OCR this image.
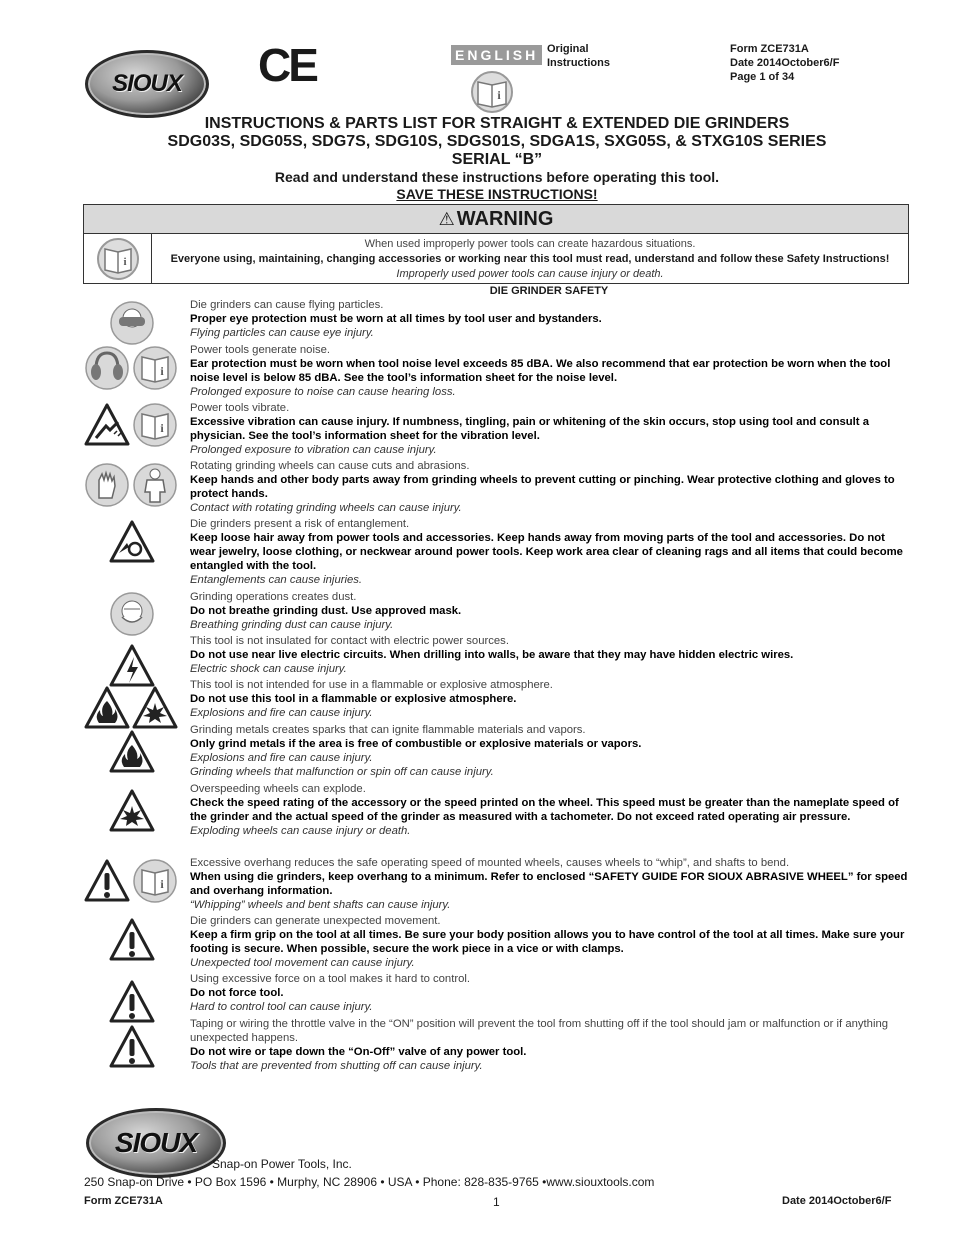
SIOUX CE	ENGLISH Original
Instructions
i
Form ZCE731A
Date 2014October6/F
Page 1 of 34
INSTRUCTIONS & PARTS LIST FOR STRAIGHT & EXTENDED DIE GRINDERS
SDG03S, SDG05S, SDG7S, SDG10S, SDGS01S, SDGA1S, SXG05S, & STXG10S SERIES
SERIAL “B”
Read and understand these instructions before operating this tool.
SAVE THESE INSTRUCTIONS!
⚠ WARNING
i
When used improperly power tools can create hazardous situations.
Everyone using, maintaining, changing accessories or working near this tool must read, understand and follow these Safety Instructions!
Improperly used power tools can cause injury or death.
DIE GRINDER SAFETY
Die grinders can cause flying particles.
Proper eye protection must be worn at all times by tool user and bystanders.
Flying particles can cause eye injury.
Power tools generate noise.
Ear protection must be worn when tool noise level exceeds 85 dBA. We also recommend that ear protection be worn when the tool noise level is below 85 dBA. See the tool’s information sheet for the noise level.
Prolonged exposure to noise can cause hearing loss.
i
Power tools vibrate.
Excessive vibration can cause injury. If numbness, tingling, pain or whitening of the skin occurs, stop using tool and consult a physician. See the tool’s information sheet for the vibration level.
Prolonged exposure to vibration can cause injury.
i
Rotating grinding wheels can cause cuts and abrasions.
Keep hands and other body parts away from grinding wheels to prevent cutting or pinching. Wear protective clothing and gloves to protect hands.
Contact with rotating grinding wheels can cause injury.
Die grinders present a risk of entanglement.
Keep loose hair away from power tools and accessories. Keep hands away from moving parts of the tool and accessories. Do not wear jewelry, loose clothing, or neckwear around power tools. Keep work area clear of cleaning rags and all items that could become entangled with the tool.
Entanglements can cause injuries.
Grinding operations creates dust.
Do not breathe grinding dust. Use approved mask.
Breathing grinding dust can cause injury.
This tool is not insulated for contact with electric power sources.
Do not use near live electric circuits. When drilling into walls, be aware that they may have hidden electric wires.
Electric shock can cause injury.
This tool is not intended for use in a flammable or explosive atmosphere.
Do not use this tool in a flammable or explosive atmosphere.
Explosions and fire can cause injury.
Grinding metals creates sparks that can ignite flammable materials and vapors.
Only grind metals if the area is free of combustible or explosive materials or vapors.
Explosions and fire can cause injury.
Grinding wheels that malfunction or spin off can cause injury.
Overspeeding wheels can explode.
Check the speed rating of the accessory or the speed printed on the wheel. This speed must be greater than the nameplate speed of the grinder and the actual speed of the grinder as measured with a tachometer. Do not exceed rated operating air pressure.
Exploding wheels can cause injury or death.
Excessive overhang reduces the safe operating speed of mounted wheels, causes wheels to “whip”, and shafts to bend.
When using die grinders, keep overhang to a minimum. Refer to enclosed “SAFETY GUIDE FOR SIOUX ABRASIVE WHEEL” for speed and overhang information.
“Whipping” wheels and bent shafts can cause injury.
i
Die grinders can generate unexpected movement.
Keep a firm grip on the tool at all times. Be sure your body position allows you to have control of the tool at all times. Make sure your footing is secure. When possible, secure the work piece in a vice or with clamps.
Unexpected tool movement can cause injury.
Using excessive force on a tool makes it hard to control.
Do not force tool.
Hard to control tool can cause injury.
Taping or wiring the throttle valve in the “ON” position will prevent the tool from shutting off if the tool should jam or malfunction or if anything unexpected happens.
Do not wire or tape down the “On-Off” valve of any power tool.
Tools that are prevented from shutting off can cause injury.
SIOUX
Snap-on Power Tools, Inc.
250 Snap-on Drive • PO Box 1596 • Murphy, NC 28906 • USA • Phone: 828-835-9765 •www.siouxtools.com
Form ZCE731A	1	Date 2014October6/F
